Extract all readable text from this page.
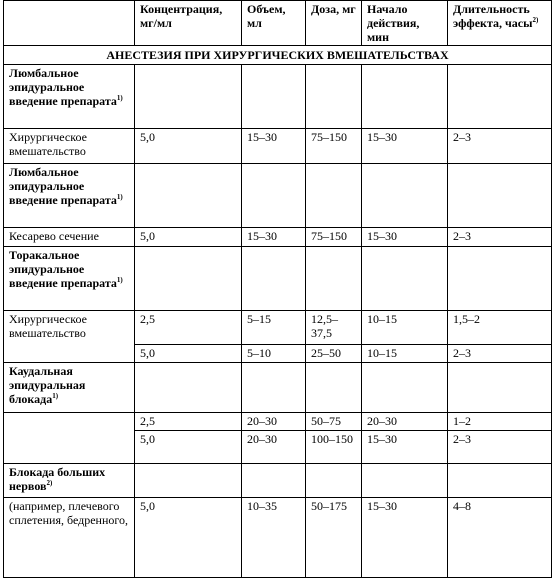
	Концентрация, мг/мл	Объем, мл	Доза, мг	Начало действия, мин	Длительность эффекта, часы$^{2)}$
АНЕСТЕЗИЯ ПРИ ХИРУРГИЧЕСКИХ ВМЕШАТЕЛЬСТВАХ					
Люмбальное эпидуральное введение препарата$^{1)}$					
Хирургическое вмешательство	5,0	15–30	75–150	15–30	2–3
Люмбальное эпидуральное введение препарата$^{1)}$					
Кесарево сечение	5,0	15–30	75–150	15–30	2–3
Торакальное эпидуральное введение препарата$^{1)}$					
Хирургическое вмешательство	2,5	5–15	12,5–37,5	10–15	1,5–2
	5,0	5–10	25–50	10–15	2–3
Каудальная эпидуральная блокада$^{1)}$					
	2,5	20–30	50–75	20–30	1–2
	5,0	20–30	100–150	15–30	2–3
Блокада больших нервов$^{2)}$					
(например, плечевого сплетения, бедренного,	5,0	10–35	50–175	15–30	4–8
